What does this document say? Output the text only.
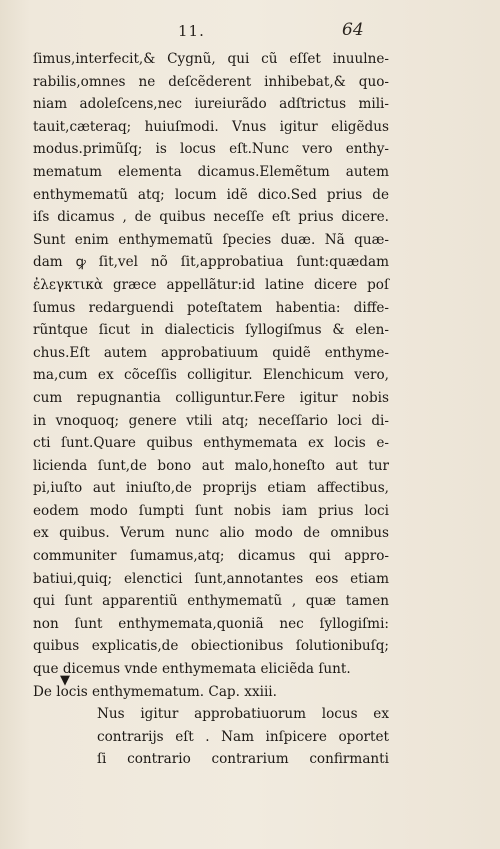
11.	64
ſimus,interfecit,& Cygnũ, qui cũ eſſet inuulne-
rabilis,omnes ne deſcẽderent inhibebat,& quo-
niam adoleſcens,nec iureiurãdo adſtrictus mili-
tauit,cæteraq; huiuſmodi. Vnus igitur eligẽdus
modus.primũſq; is locus eſt.Nunc vero enthy-
mematum elementa dicamus.Elemẽtum autem
enthymematũ atq; locum idẽ dico.Sed prius de
iſs dicamus , de quibus neceſſe eſt prius dicere.
Sunt enim enthymematũ ſpecies duæ. Nã quæ-
dam ꝙ ſit,vel nõ ſit,approbatiua ſunt:quædam
ἐλεγκτικὰ græce appellãtur:id latine dicere poſ
ſumus redarguendi poteſtatem habentia: diffe-
rũntque ſicut in dialecticis ſyllogiſmus & elen-
chus.Eſt autem approbatiuum quidẽ enthyme-
ma,cum ex cõceſſis colligitur. Elenchicum vero,
cum repugnantia colliguntur.Fere igitur nobis
in vnoquoq; genere vtili atq; neceſſario loci di-
cti ſunt.Quare quibus enthymemata ex locis e-
licienda ſunt,de bono aut malo,honeſto aut tur
pi,iuſto aut iniuſto,de proprijs etiam affectibus,
eodem modo ſumpti ſunt nobis iam prius loci
ex quibus. Verum nunc alio modo de omnibus
communiter ſumamus,atq; dicamus qui appro-
batiui,quiq; elenctici ſunt,annotantes eos etiam
qui ſunt apparentiũ enthymematũ , quæ tamen
non ſunt enthymemata,quoniã nec ſyllogiſmi:
quibus explicatis,de obiectionibus ſolutionibuſq;
que dicemus vnde enthymemata eliciẽda ſunt.
De locis enthymematum. Cap. xxiii.
Nus igitur approbatiuorum locus ex
contrarijs eſt . Nam inſpicere oportet
ſi contrario contrarium confirmanti
▼
